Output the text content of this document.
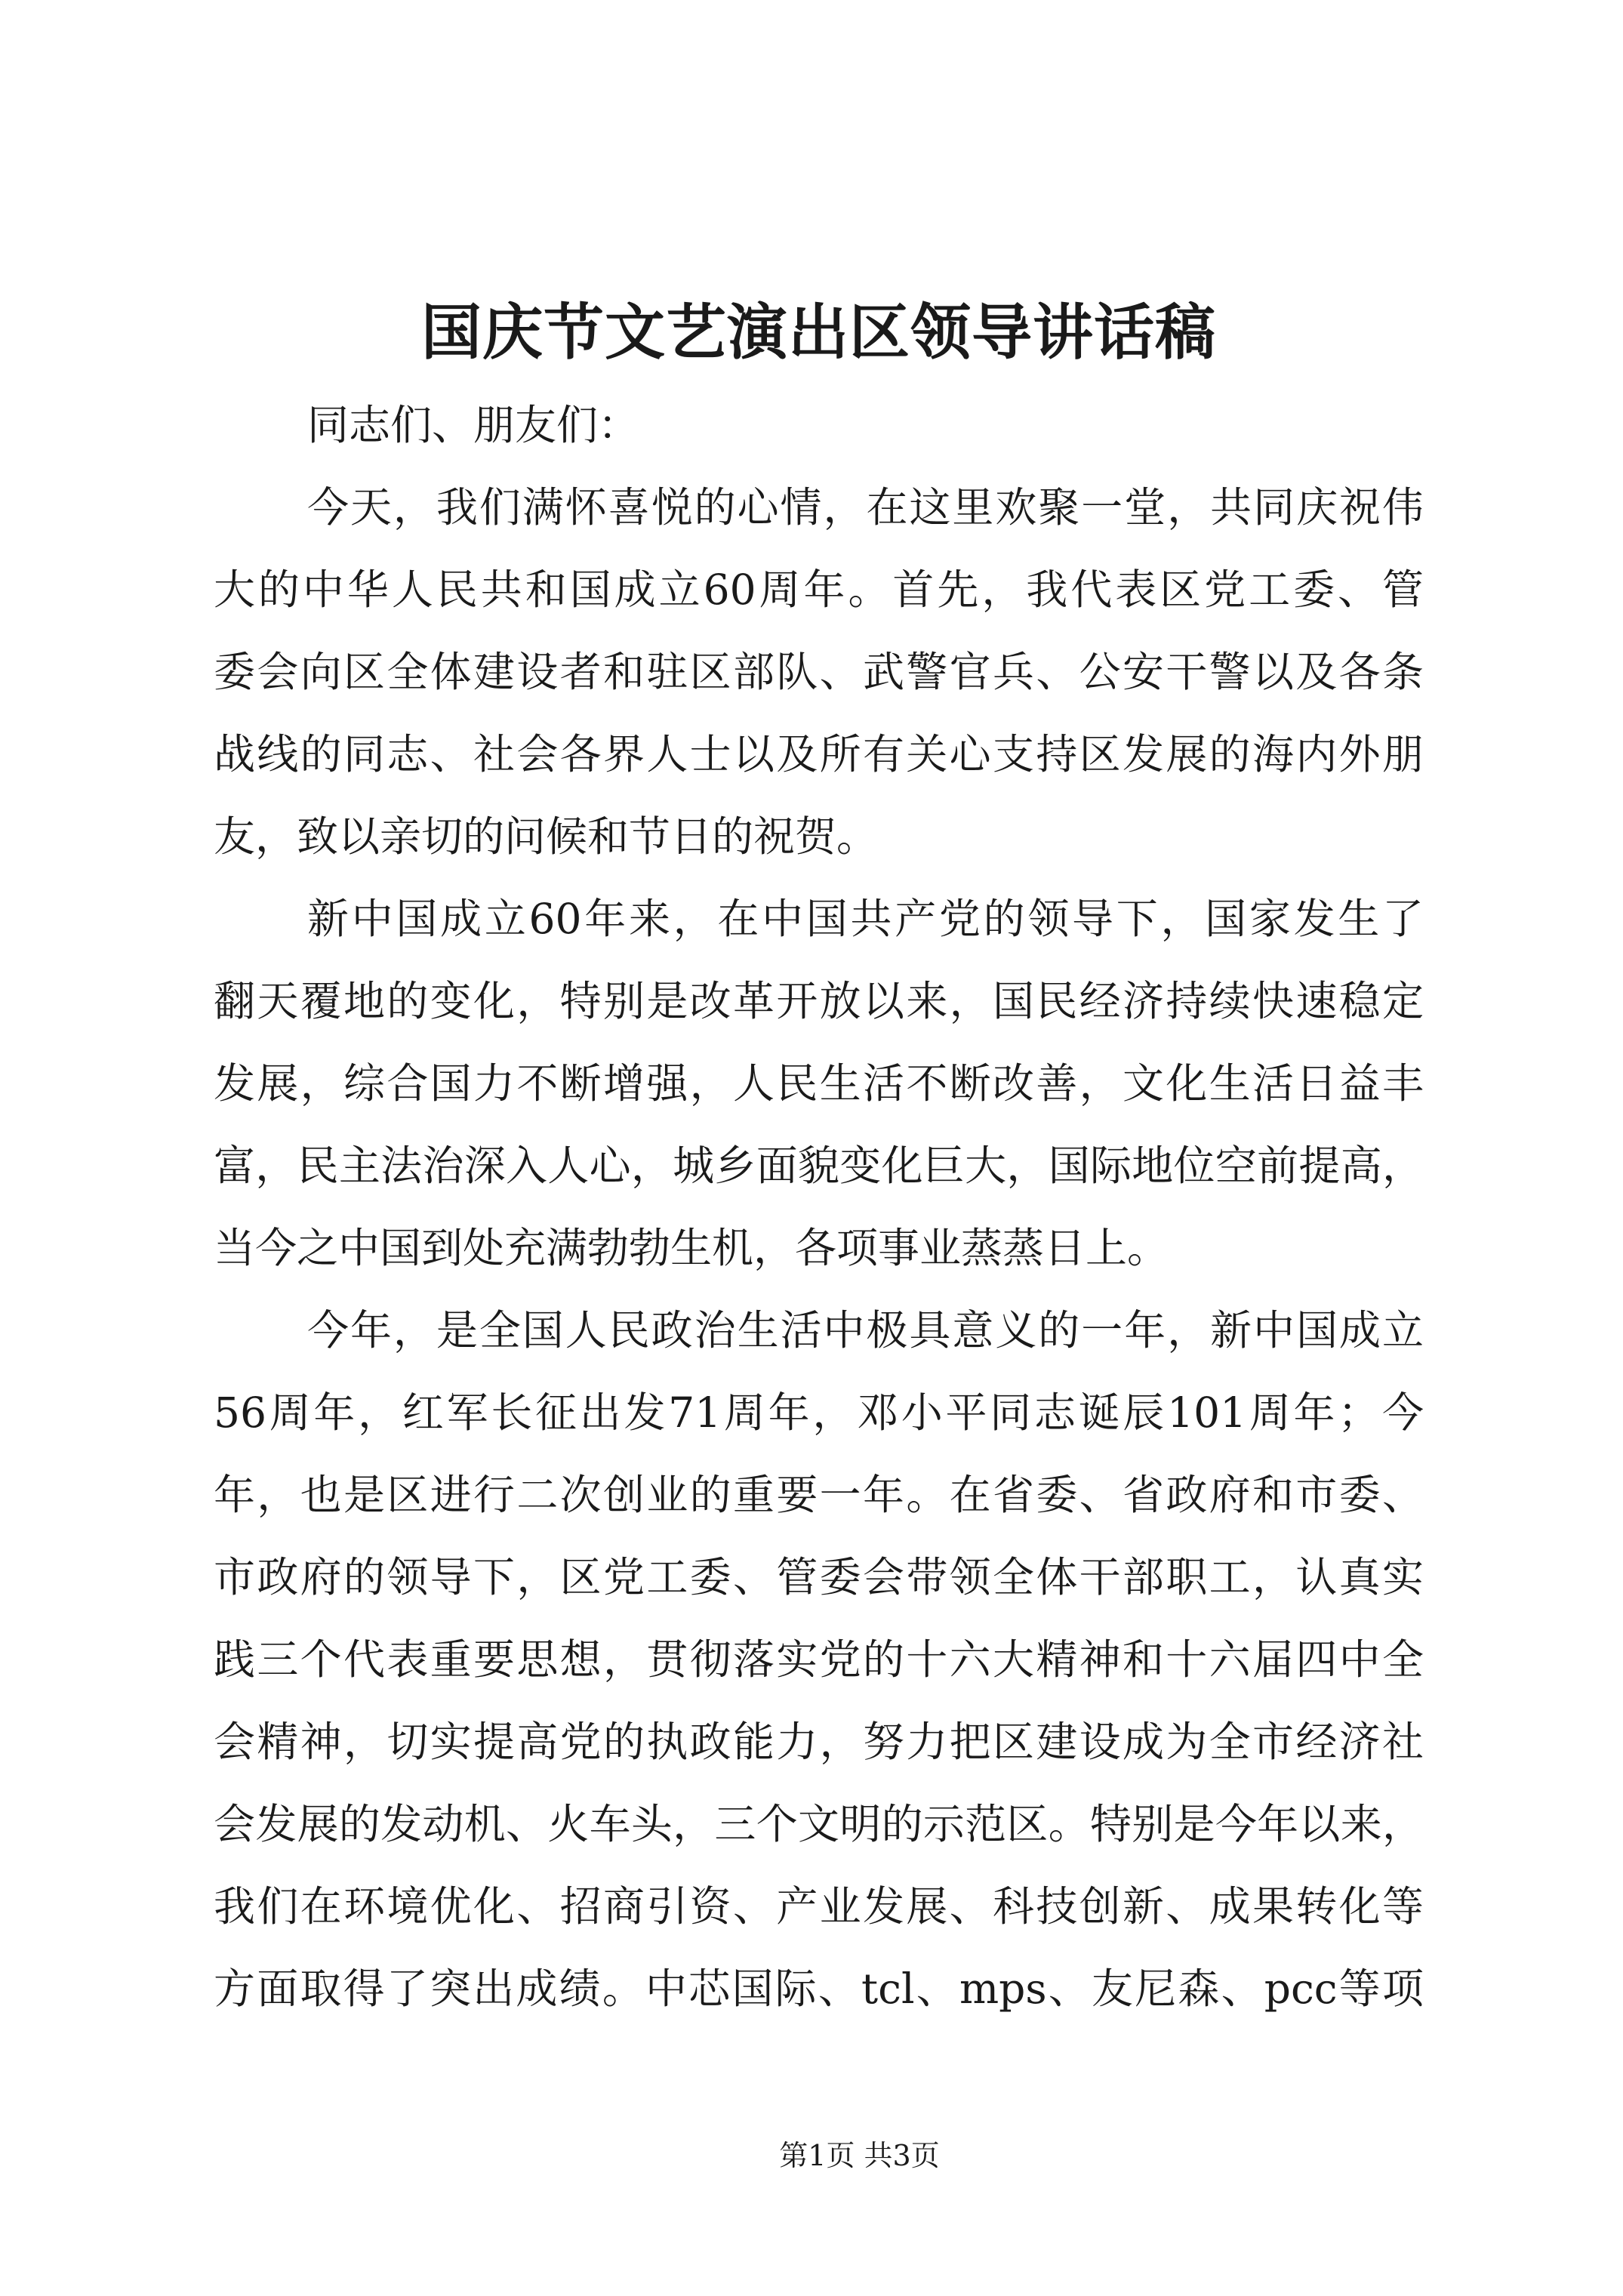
国庆节文艺演出区领导讲话稿
同志们、朋友们：
今天，我们满怀喜悦的心情，在这里欢聚一堂，共同庆祝伟
大的中华人民共和国成立60周年。首先，我代表区党工委、管
委会向区全体建设者和驻区部队、武警官兵、公安干警以及各条
战线的同志、社会各界人士以及所有关心支持区发展的海内外朋
友，致以亲切的问候和节日的祝贺。
新中国成立60年来，在中国共产党的领导下，国家发生了
翻天覆地的变化，特别是改革开放以来，国民经济持续快速稳定
发展，综合国力不断增强，人民生活不断改善，文化生活日益丰
富，民主法治深入人心，城乡面貌变化巨大，国际地位空前提高，
当今之中国到处充满勃勃生机，各项事业蒸蒸日上。
今年，是全国人民政治生活中极具意义的一年，新中国成立
56周年，红军长征出发71周年，邓小平同志诞辰101周年；今
年，也是区进行二次创业的重要一年。在省委、省政府和市委、
市政府的领导下，区党工委、管委会带领全体干部职工，认真实
践三个代表重要思想，贯彻落实党的十六大精神和十六届四中全
会精神，切实提高党的执政能力，努力把区建设成为全市经济社
会发展的发动机、火车头，三个文明的示范区。特别是今年以来，
我们在环境优化、招商引资、产业发展、科技创新、成果转化等
方面取得了突出成绩。中芯国际、tcl、mps、友尼森、pcc等项
第1页 共3页
